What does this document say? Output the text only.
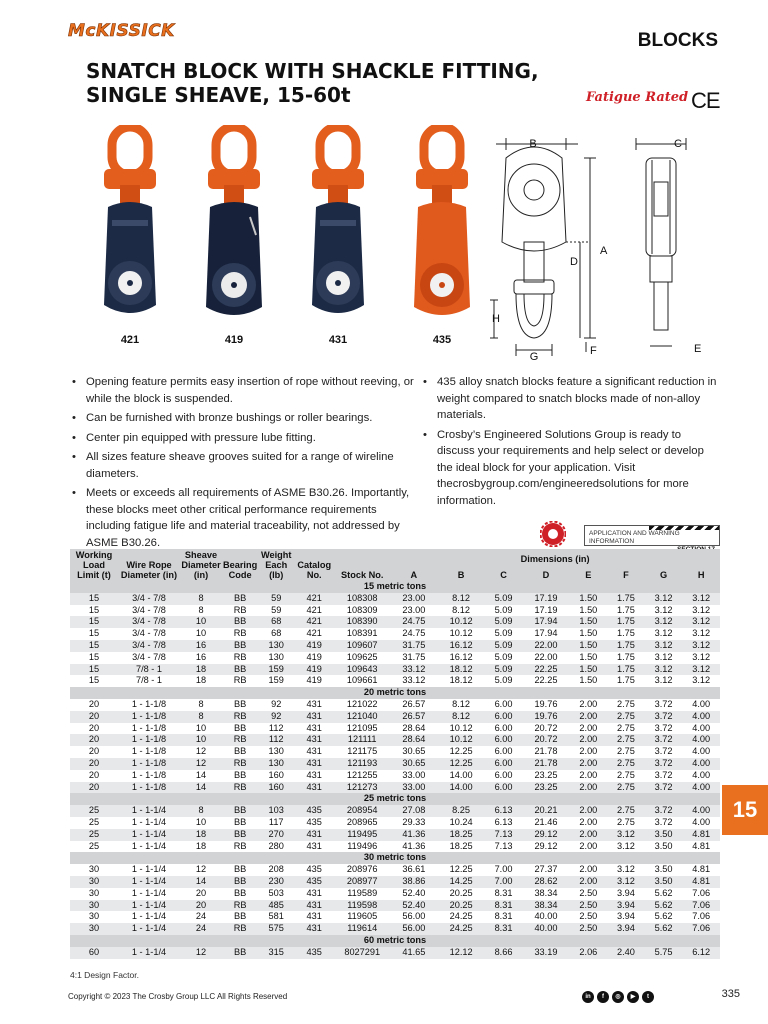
McKISSICK	BLOCKS
SNATCH BLOCK WITH SHACKLE FITTING,
SINGLE SHEAVE, 15-60t	Fatigue Rated CE
421	419	431	435
B
A
D
H
G	F
C
E
• Opening feature permits easy insertion of rope without reeving, or while the block is suspended.
• Can be furnished with bronze bushings or roller bearings.
• Center pin equipped with pressure lube fitting.
• All sizes feature sheave grooves suited for a range of wireline diameters.
• Meets or exceeds all requirements of ASME B30.26. Importantly, these blocks meet other critical performance requirements including fatigue life and material traceability, not addressed by ASME B30.26.
• 435 alloy snatch blocks feature a significant reduction in weight compared to snatch blocks made of non-alloy materials.
• Crosby’s Engineered Solutions Group is ready to discuss your requirements and help select or develop the ideal block for your application. Visit thecrosbygroup.com/engineeredsolutions for more information.
APPLICATION AND WARNING INFORMATION
Working Load Limit (t)	Wire Rope Diameter (in)	Sheave Diameter (in)	Bearing Code	Weight Each (lb)	Catalog No.	Stock No.	Dimensions (in)							
							A	B	C	D	E	F	G	H
15 metric tons														
15	3/4 - 7/8	8	BB	59	421	108308	23.00	8.12	5.09	17.19	1.50	1.75	3.12	3.12
15	3/4 - 7/8	8	RB	59	421	108309	23.00	8.12	5.09	17.19	1.50	1.75	3.12	3.12
15	3/4 - 7/8	10	BB	68	421	108390	24.75	10.12	5.09	17.94	1.50	1.75	3.12	3.12
15	3/4 - 7/8	10	RB	68	421	108391	24.75	10.12	5.09	17.94	1.50	1.75	3.12	3.12
15	3/4 - 7/8	16	BB	130	419	109607	31.75	16.12	5.09	22.00	1.50	1.75	3.12	3.12
15	3/4 - 7/8	16	RB	130	419	109625	31.75	16.12	5.09	22.00	1.50	1.75	3.12	3.12
15	7/8 - 1	18	BB	159	419	109643	33.12	18.12	5.09	22.25	1.50	1.75	3.12	3.12
15	7/8 - 1	18	RB	159	419	109661	33.12	18.12	5.09	22.25	1.50	1.75	3.12	3.12
20 metric tons														
20	1 - 1-1/8	8	BB	92	431	121022	26.57	8.12	6.00	19.76	2.00	2.75	3.72	4.00
20	1 - 1-1/8	8	RB	92	431	121040	26.57	8.12	6.00	19.76	2.00	2.75	3.72	4.00
20	1 - 1-1/8	10	BB	112	431	121095	28.64	10.12	6.00	20.72	2.00	2.75	3.72	4.00
20	1 - 1-1/8	10	RB	112	431	121111	28.64	10.12	6.00	20.72	2.00	2.75	3.72	4.00
20	1 - 1-1/8	12	BB	130	431	121175	30.65	12.25	6.00	21.78	2.00	2.75	3.72	4.00
20	1 - 1-1/8	12	RB	130	431	121193	30.65	12.25	6.00	21.78	2.00	2.75	3.72	4.00
20	1 - 1-1/8	14	BB	160	431	121255	33.00	14.00	6.00	23.25	2.00	2.75	3.72	4.00
20	1 - 1-1/8	14	RB	160	431	121273	33.00	14.00	6.00	23.25	2.00	2.75	3.72	4.00
25 metric tons														
25	1 - 1-1/4	8	BB	103	435	208954	27.08	8.25	6.13	20.21	2.00	2.75	3.72	4.00
25	1 - 1-1/4	10	BB	117	435	208965	29.33	10.24	6.13	21.46	2.00	2.75	3.72	4.00
25	1 - 1-1/4	18	BB	270	431	119495	41.36	18.25	7.13	29.12	2.00	3.12	3.50	4.81
25	1 - 1-1/4	18	RB	280	431	119496	41.36	18.25	7.13	29.12	2.00	3.12	3.50	4.81
30 metric tons														
30	1 - 1-1/4	12	BB	208	435	208976	36.61	12.25	7.00	27.37	2.00	3.12	3.50	4.81
30	1 - 1-1/4	14	BB	230	435	208977	38.86	14.25	7.00	28.62	2.00	3.12	3.50	4.81
30	1 - 1-1/4	20	BB	503	431	119589	52.40	20.25	8.31	38.34	2.50	3.94	5.62	7.06
30	1 - 1-1/4	20	RB	485	431	119598	52.40	20.25	8.31	38.34	2.50	3.94	5.62	7.06
30	1 - 1-1/4	24	BB	581	431	119605	56.00	24.25	8.31	40.00	2.50	3.94	5.62	7.06
30	1 - 1-1/4	24	RB	575	431	119614	56.00	24.25	8.31	40.00	2.50	3.94	5.62	7.06
60 metric tons														
60	1 - 1-1/4	12	BB	315	435	8027291	41.65	12.12	8.66	33.19	2.06	2.40	5.75	6.12
4:1 Design Factor.
15
Copyright © 2023 The Crosby Group LLC All Rights Reserved	in	f	◎	▶	t	335
